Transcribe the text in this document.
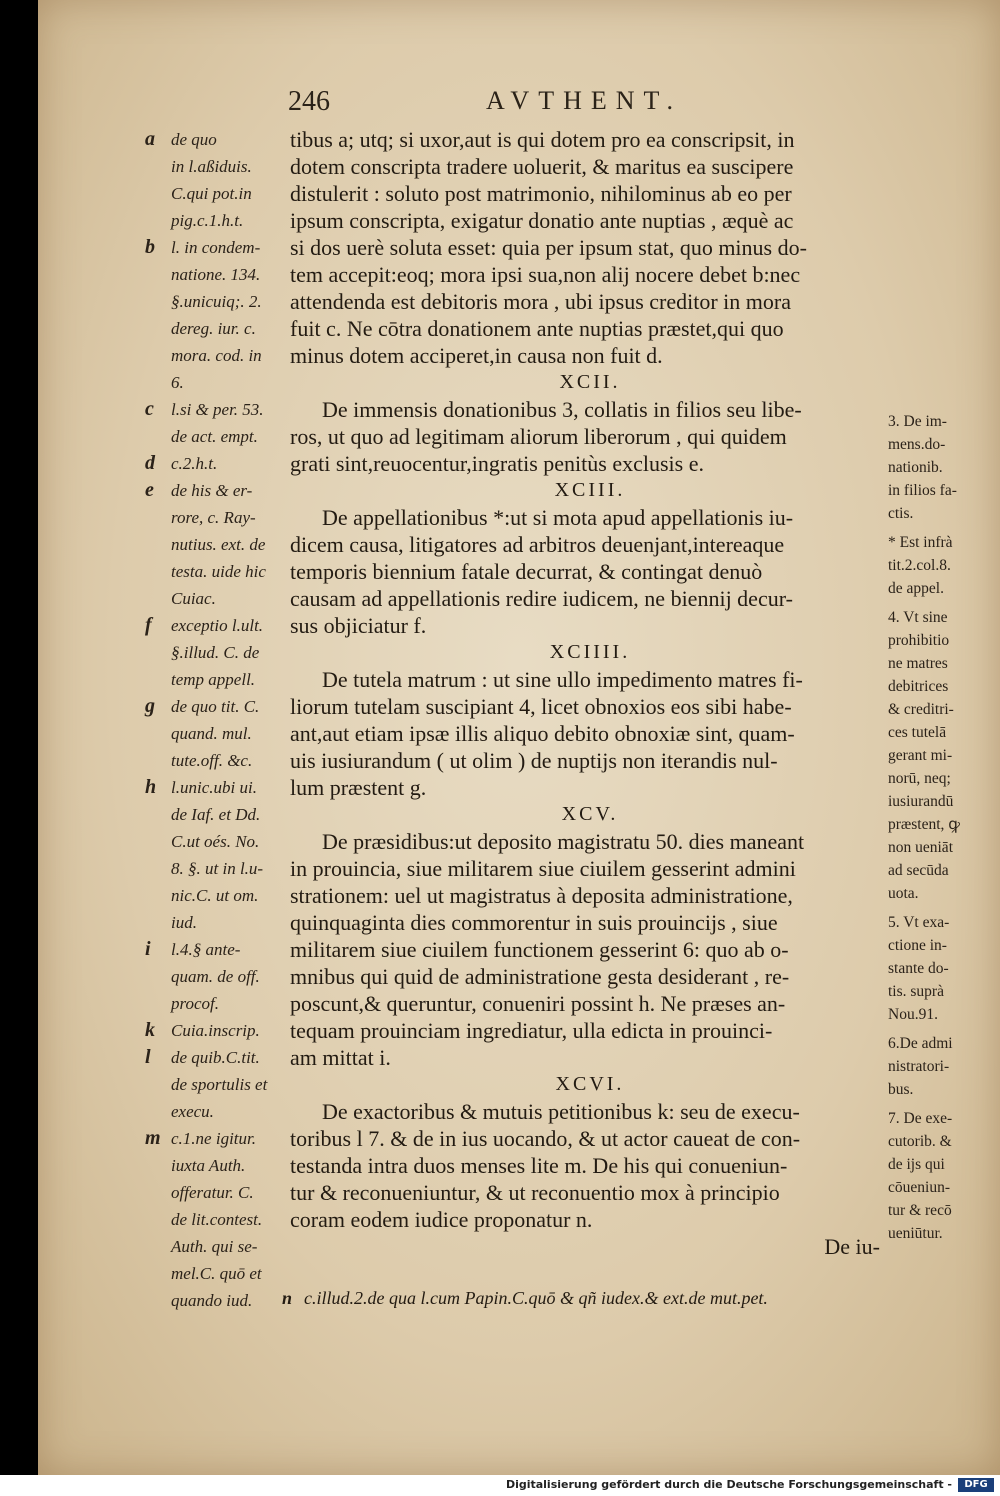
246	AVTHENT.
a de quo
in l.aßiduis.
C.qui pot.in
pig.c.1.h.t.
b l. in condem-
natione. 134.
§.unicuiq;. 2.
dereg. iur. c.
mora. cod. in
6.
c l.si & per. 53.
de act. empt.
d c.2.h.t.
e de his & er-
rore, c. Ray-
nutius. ext. de
testa. uide hic
Cuiac.
f exceptio l.ult.
§.illud. C. de
temp appell.
g de quo tit. C.
quand. mul.
tute.off. &c.
h l.unic.ubi ui.
de Iaf. et Dd.
C.ut oés. No.
8. §. ut in l.u-
nic.C. ut om.
iud.
i l.4.§ ante-
quam. de off.
procof.
k Cuia.inscrip.
l de quib.C.tit.
de sportulis et
execu.
m c.1.ne igitur.
iuxta Auth.
offeratur. C.
de lit.contest.
Auth. qui se-
mel.C. quō et
quando iud.
tibus a; utq; si uxor,aut is qui dotem pro ea conscripsit, in
dotem conscripta tradere uoluerit, & maritus ea suscipere
distulerit : soluto post matrimonio, nihilominus ab eo per
ipsum conscripta, exigatur donatio ante nuptias , æquè ac
si dos uerè soluta esset: quia per ipsum stat, quo minus do-
tem accepit:eoq; mora ipsi sua,non alij nocere debet b:nec
attendenda est debitoris mora , ubi ipsus creditor in mora
fuit c. Ne cōtra donationem ante nuptias præstet,qui quo
minus dotem acciperet,in causa non fuit d.
XCII.
De immensis donationibus 3, collatis in filios seu libe-
ros, ut quo ad legitimam aliorum liberorum , qui quidem
grati sint,reuocentur,ingratis penitùs exclusis e.
XCIII.
De appellationibus *:ut si mota apud appellationis iu-
dicem causa, litigatores ad arbitros deuenjant,intereaque
temporis biennium fatale decurrat, & contingat denuò
causam ad appellationis redire iudicem, ne biennij decur-
sus objiciatur f.
XCIIII.
De tutela matrum : ut sine ullo impedimento matres fi-
liorum tutelam suscipiant 4, licet obnoxios eos sibi habe-
ant,aut etiam ipsæ illis aliquo debito obnoxiæ sint, quam-
uis iusiurandum ( ut olim ) de nuptijs non iterandis nul-
lum præstent g.
XCV.
De præsidibus:ut deposito magistratu 50. dies maneant
in prouincia, siue militarem siue ciuilem gesserint admini
strationem: uel ut magistratus à deposita administratione,
quinquaginta dies commorentur in suis prouincijs , siue
militarem siue ciuilem functionem gesserint 6: quo ab o-
mnibus qui quid de administratione gesta desiderant , re-
poscunt,& queruntur, conueniri possint h. Ne præses an-
tequam prouinciam ingrediatur, ulla edicta in prouinci-
am mittat i.
XCVI.
De exactoribus & mutuis petitionibus k: seu de execu-
toribus l 7. & de in ius uocando, & ut actor caueat de con-
testanda intra duos menses lite m. De his qui conueniun-
tur & reconueniuntur, & ut reconuentio mox à principio
coram eodem iudice proponatur n.
De iu-
3. De im-
mens.do-
nationib.
in filios fa-
ctis.
* Est infrà
tit.2.col.8.
de appel.
4. Vt sine
prohibitio
ne matres
debitrices
& creditri-
ces tutelā
gerant mi-
norū, neq;
iusiurandū
præstent, ꝙ
non ueniāt
ad secūda
uota.
5. Vt exa-
ctione in-
stante do-
tis. suprà
Nou.91.
6.De admi
nistratori-
bus.
7. De exe-
cutorib. &
de ijs qui
cōueniun-
tur & recō
ueniūtur.
n c.illud.2.de qua l.cum Papin.C.quō & qñ iudex.& ext.de mut.pet.
Digitalisierung gefördert durch die Deutsche Forschungsgemeinschaft -	DFG
